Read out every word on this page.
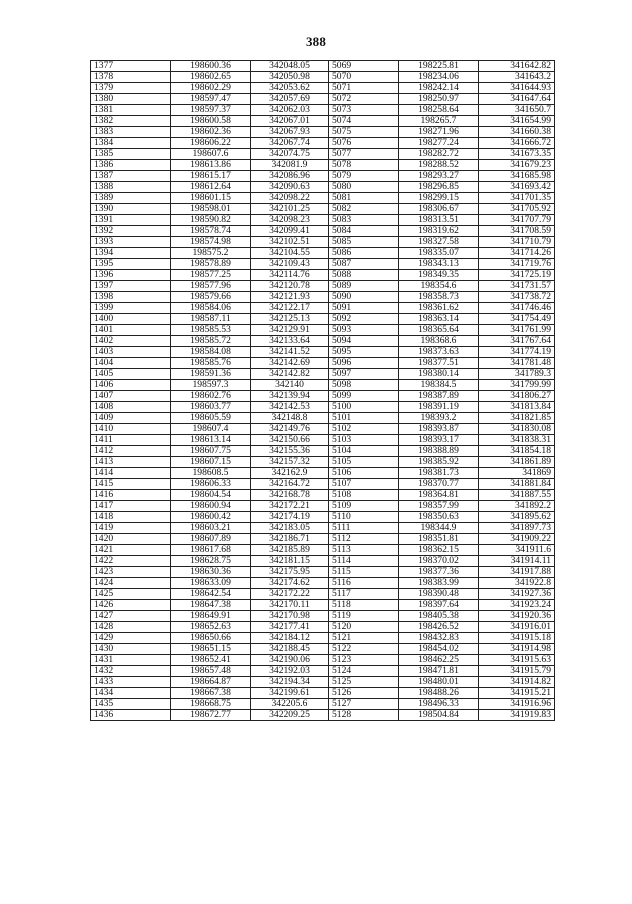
388
1377	198600.36	342048.05	5069	198225.81	341642.82
1378	198602.65	342050.98	5070	198234.06	341643.2
1379	198602.29	342053.62	5071	198242.14	341644.93
1380	198597.47	342057.69	5072	198250.97	341647.64
1381	198597.37	342062.03	5073	198258.64	341650.7
1382	198600.58	342067.01	5074	198265.7	341654.99
1383	198602.36	342067.93	5075	198271.96	341660.38
1384	198606.22	342067.74	5076	198277.24	341666.72
1385	198607.6	342074.75	5077	198282.72	341673.35
1386	198613.86	342081.9	5078	198288.52	341679.23
1387	198615.17	342086.96	5079	198293.27	341685.98
1388	198612.64	342090.63	5080	198296.85	341693.42
1389	198601.15	342098.22	5081	198299.15	341701.35
1390	198598.01	342101.25	5082	198306.67	341705.92
1391	198590.82	342098.23	5083	198313.51	341707.79
1392	198578.74	342099.41	5084	198319.62	341708.59
1393	198574.98	342102.51	5085	198327.58	341710.79
1394	198575.2	342104.55	5086	198335.07	341714.26
1395	198578.89	342109.43	5087	198343.13	341719.76
1396	198577.25	342114.76	5088	198349.35	341725.19
1397	198577.96	342120.78	5089	198354.6	341731.57
1398	198579.66	342121.93	5090	198358.73	341738.72
1399	198584.06	342122.17	5091	198361.62	341746.46
1400	198587.11	342125.13	5092	198363.14	341754.49
1401	198585.53	342129.91	5093	198365.64	341761.99
1402	198585.72	342133.64	5094	198368.6	341767.64
1403	198584.08	342141.52	5095	198373.63	341774.19
1404	198585.76	342142.69	5096	198377.51	341781.48
1405	198591.36	342142.82	5097	198380.14	341789.3
1406	198597.3	342140	5098	198384.5	341799.99
1407	198602.76	342139.94	5099	198387.89	341806.27
1408	198603.77	342142.53	5100	198391.19	341813.84
1409	198605.59	342148.8	5101	198393.2	341821.85
1410	198607.4	342149.76	5102	198393.87	341830.08
1411	198613.14	342150.66	5103	198393.17	341838.31
1412	198607.75	342155.36	5104	198388.89	341854.18
1413	198607.15	342157.32	5105	198385.92	341861.89
1414	198608.5	342162.9	5106	198381.73	341869
1415	198606.33	342164.72	5107	198370.77	341881.84
1416	198604.54	342168.78	5108	198364.81	341887.55
1417	198600.94	342172.21	5109	198357.99	341892.2
1418	198600.42	342174.19	5110	198350.63	341895.62
1419	198603.21	342183.05	5111	198344.9	341897.73
1420	198607.89	342186.71	5112	198351.81	341909.22
1421	198617.68	342185.89	5113	198362.15	341911.6
1422	198628.75	342181.15	5114	198370.02	341914.11
1423	198630.36	342175.95	5115	198377.36	341917.88
1424	198633.09	342174.62	5116	198383.99	341922.8
1425	198642.54	342172.22	5117	198390.48	341927.36
1426	198647.38	342170.11	5118	198397.64	341923.24
1427	198649.91	342170.98	5119	198405.38	341920.36
1428	198652.63	342177.41	5120	198426.52	341916.01
1429	198650.66	342184.12	5121	198432.83	341915.18
1430	198651.15	342188.45	5122	198454.02	341914.98
1431	198652.41	342190.06	5123	198462.25	341915.63
1432	198657.48	342192.03	5124	198471.81	341915.79
1433	198664.87	342194.34	5125	198480.01	341914.82
1434	198667.38	342199.61	5126	198488.26	341915.21
1435	198668.75	342205.6	5127	198496.33	341916.96
1436	198672.77	342209.25	5128	198504.84	341919.83
